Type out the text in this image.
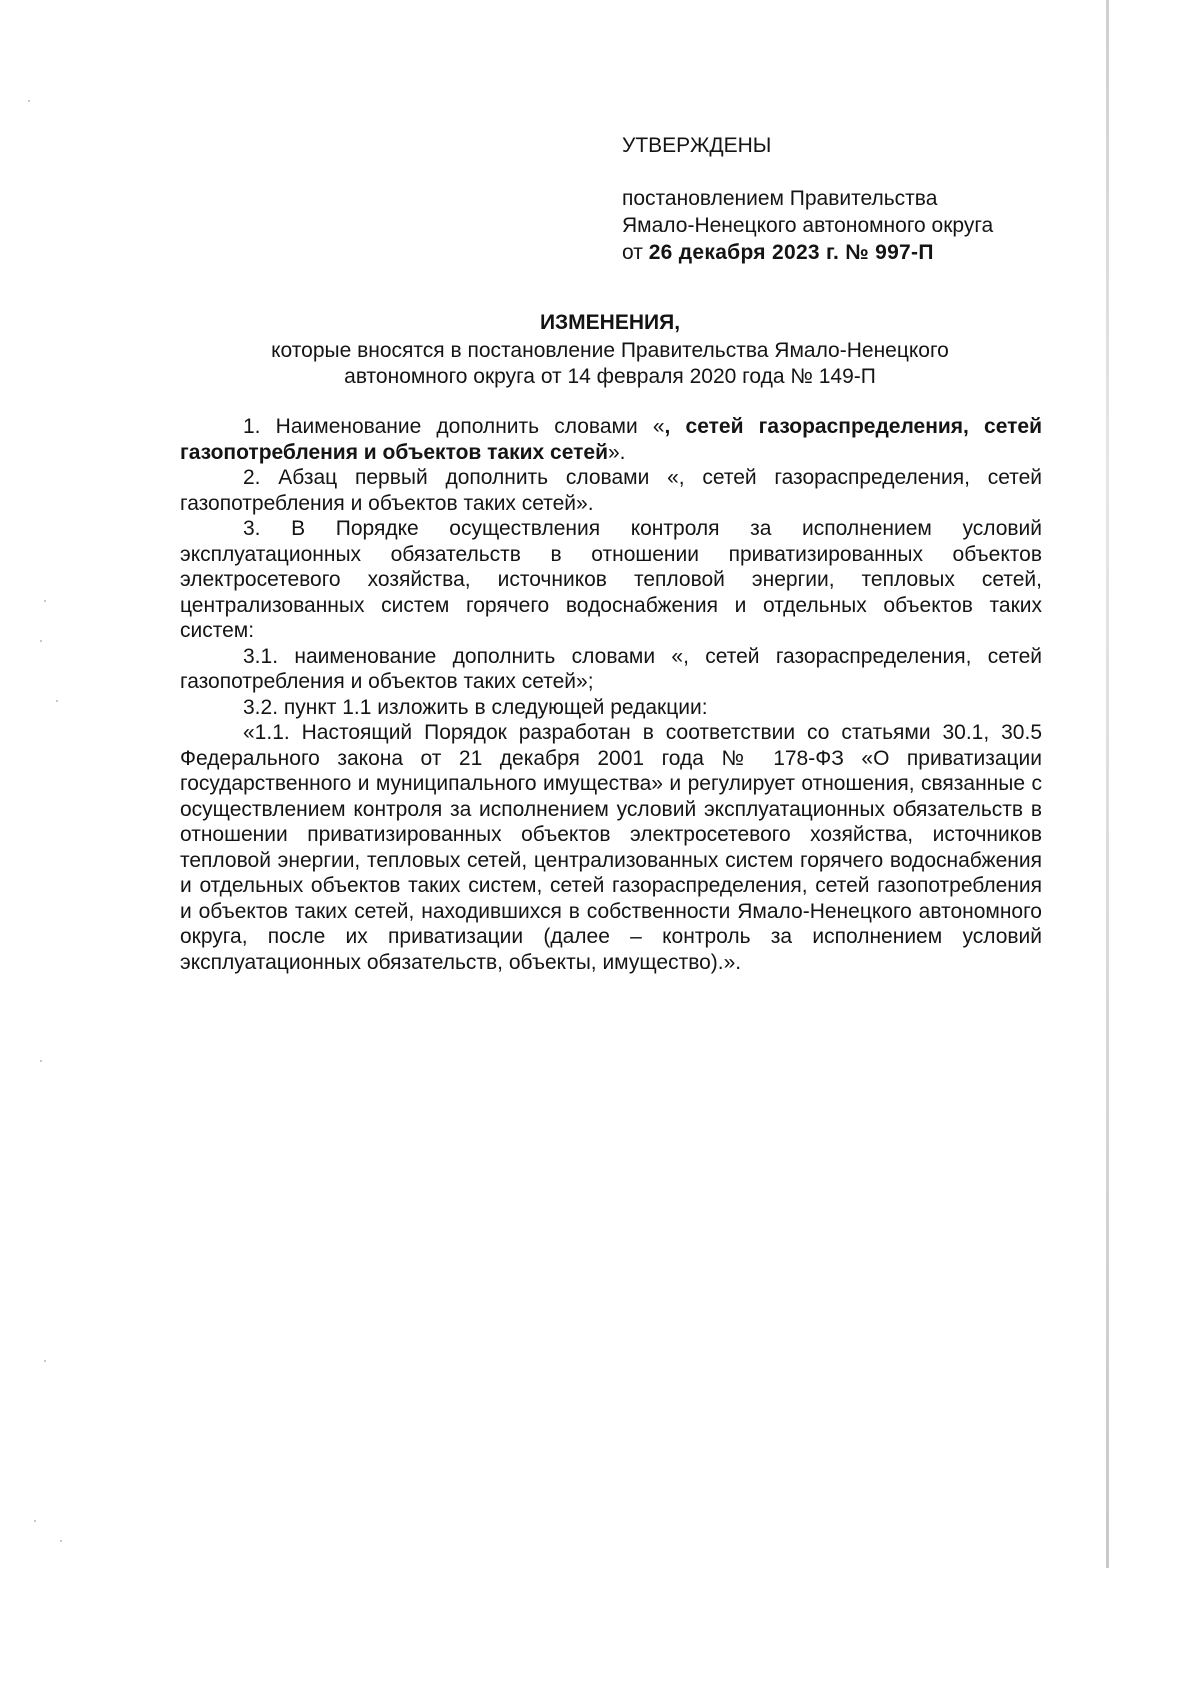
УТВЕРЖДЕНЫ
постановлением Правительства
Ямало-Ненецкого автономного округа
от 26 декабря 2023 г. № 997-П
ИЗМЕНЕНИЯ,
которые вносятся в постановление Правительства Ямало-Ненецкого
автономного округа от 14 февраля 2020 года № 149-П

1. Наименование дополнить словами «, сетей газораспределения, сетей газопотребления и объектов таких сетей».

2. Абзац первый дополнить словами «, сетей газораспределения, сетей газопотребления и объектов таких сетей».

3. В Порядке осуществления контроля за исполнением условий эксплуатационных обязательств в отношении приватизированных объектов электросетевого хозяйства, источников тепловой энергии, тепловых сетей, централизованных систем горячего водоснабжения и отдельных объектов таких систем:

3.1. наименование дополнить словами «, сетей газораспределения, сетей газопотребления и объектов таких сетей»;

3.2. пункт 1.1 изложить в следующей редакции:

«1.1. Настоящий Порядок разработан в соответствии со статьями 30.1, 30.5 Федерального закона от 21 декабря 2001 года № 178-ФЗ «О приватизации государственного и муниципального имущества» и регулирует отношения, связанные с осуществлением контроля за исполнением условий эксплуатационных обязательств в отношении приватизированных объектов электросетевого хозяйства, источников тепловой энергии, тепловых сетей, централизованных систем горячего водоснабжения и отдельных объектов таких систем, сетей газораспределения, сетей газопотребления и объектов таких сетей, находившихся в собственности Ямало-Ненецкого автономного округа, после их приватизации (далее – контроль за исполнением условий эксплуатационных обязательств, объекты, имущество).».
